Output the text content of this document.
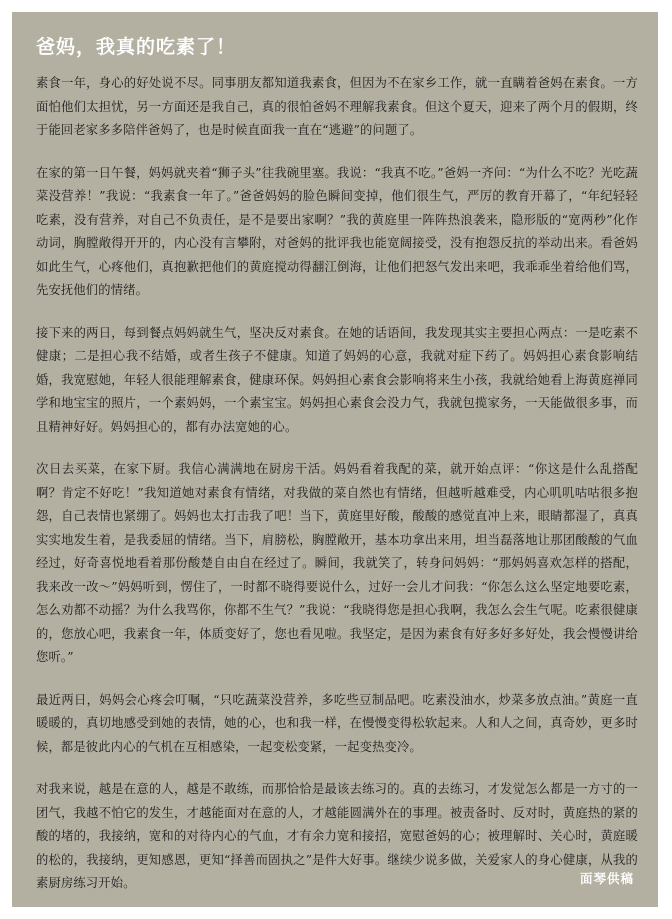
爸妈，我真的吃素了！

素食一年，身心的好处说不尽。同事朋友都知道我素食，但因为不在家乡工作，就一直瞒着爸妈在素食。一方面怕他们太担忧，另一方面还是我自己，真的很怕爸妈不理解我素食。但这个夏天，迎来了两个月的假期，终于能回老家多多陪伴爸妈了，也是时候直面我一直在“逃避”的问题了。

在家的第一日午餐，妈妈就夹着“狮子头”往我碗里塞。我说：“我真不吃。”爸妈一齐问：“为什么不吃？光吃蔬菜没营养！”我说：“我素食一年了。”爸爸妈妈的脸色瞬间变掉，他们很生气，严厉的教育开幕了，“年纪轻轻吃素，没有营养，对自己不负责任，是不是要出家啊？”我的黄庭里一阵阵热浪袭来，隐形版的“宽两秒”化作动词，胸膛敞得开开的，内心没有言攀附，对爸妈的批评我也能宽阔接受，没有抱怨反抗的举动出来。看爸妈如此生气，心疼他们，真抱歉把他们的黄庭搅动得翻江倒海，让他们把怒气发出来吧，我乖乖坐着给他们骂，先安抚他们的情绪。

接下来的两日，每到餐点妈妈就生气，坚决反对素食。在她的话语间，我发现其实主要担心两点：一是吃素不健康；二是担心我不结婚，或者生孩子不健康。知道了妈妈的心意，我就对症下药了。妈妈担心素食影响结婚，我宽慰她，年轻人很能理解素食，健康环保。妈妈担心素食会影响将来生小孩，我就给她看上海黄庭禅同学和地宝宝的照片，一个素妈妈，一个素宝宝。妈妈担心素食会没力气，我就包揽家务，一天能做很多事，而且精神好好。妈妈担心的，都有办法宽她的心。

次日去买菜，在家下厨。我信心满满地在厨房干活。妈妈看着我配的菜，就开始点评：“你这是什么乱搭配啊？肯定不好吃！”我知道她对素食有情绪，对我做的菜自然也有情绪，但越听越难受，内心叽叽咕咕很多抱怨，自己表情也紧绷了。妈妈也太打击我了吧！当下，黄庭里好酸，酸酸的感觉直冲上来，眼睛都湿了，真真实实地发生着，是我委屈的情绪。当下，肩膀松，胸膛敞开，基本功拿出来用，坦当磊落地让那团酸酸的气血经过，好奇喜悦地看着那份酸楚自由自在经过了。瞬间，我就笑了，转身问妈妈：“那妈妈喜欢怎样的搭配，我来改一改～”妈妈听到，愣住了，一时都不晓得要说什么，过好一会儿才问我：“你怎么这么坚定地要吃素，怎么劝都不动摇？为什么我骂你，你都不生气？”我说：“我晓得您是担心我啊，我怎么会生气呢。吃素很健康的，您放心吧，我素食一年，体质变好了，您也看见啦。我坚定，是因为素食有好多好多好处，我会慢慢讲给您听。”

最近两日，妈妈会心疼会叮嘱，“只吃蔬菜没营养，多吃些豆制品吧。吃素没油水，炒菜多放点油。”黄庭一直暖暖的，真切地感受到她的表情，她的心，也和我一样，在慢慢变得松软起来。人和人之间，真奇妙，更多时候，都是彼此内心的气机在互相感染，一起变松变紧，一起变热变冷。

对我来说，越是在意的人，越是不敢练，而那恰恰是最该去练习的。真的去练习，才发觉怎么都是一方寸的一团气，我越不怕它的发生，才越能面对在意的人，才越能圆满外在的事理。被责备时、反对时，黄庭热的紧的酸的堵的，我接纳，宽和的对待内心的气血，才有余力宽和接招，宽慰爸妈的心；被理解时、关心时，黄庭暖的松的，我接纳，更知感恩，更知“择善而固执之”是件大好事。继续少说多做，关爱家人的身心健康，从我的素厨房练习开始。	面琴供稿
